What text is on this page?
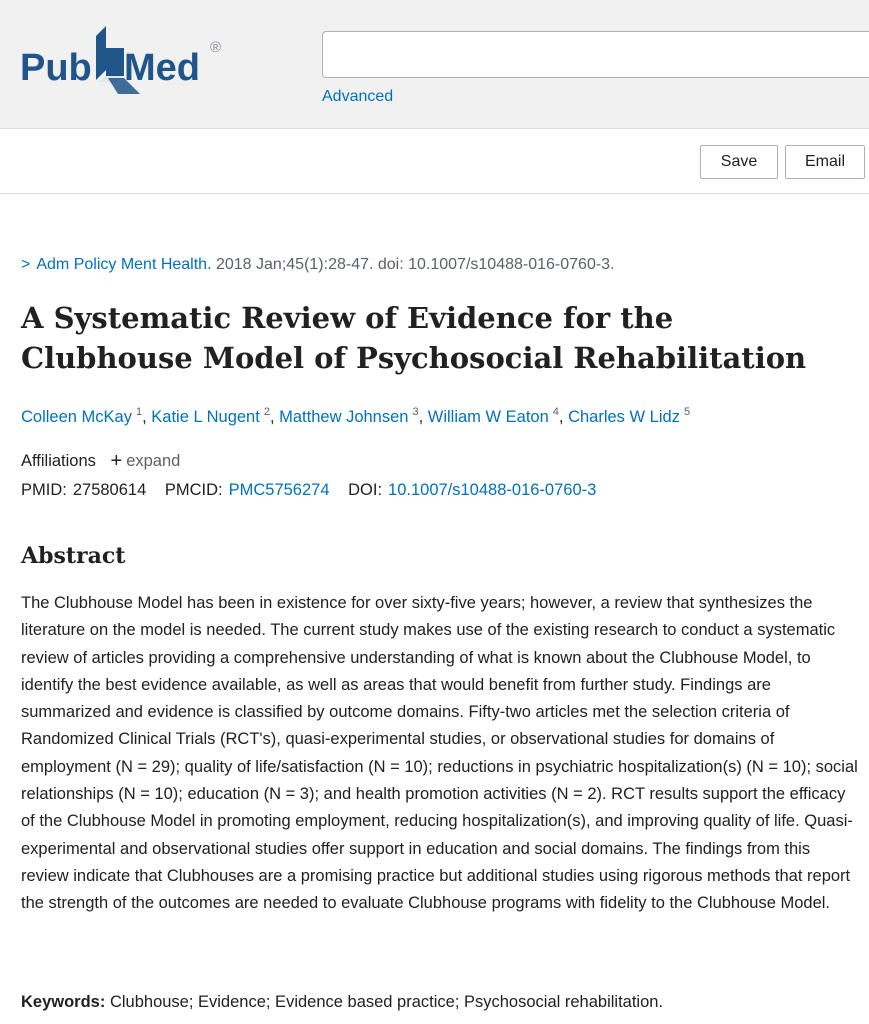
Pub Med ®
Advanced
Save	Email
> Adm Policy Ment Health. 2018 Jan;45(1):28-47. doi: 10.1007/s10488-016-0760-3.
A Systematic Review of Evidence for the Clubhouse Model of Psychosocial Rehabilitation
Colleen McKay $^1$, Katie L Nugent $^2$, Matthew Johnsen $^3$, William W Eaton $^4$, Charles W Lidz $^5$
Affiliations + expand
PMID: 27580614 PMCID: PMC5756274 DOI: 10.1007/s10488-016-0760-3
Abstract

The Clubhouse Model has been in existence for over sixty-five years; however, a review that synthesizes the literature on the model is needed. The current study makes use of the existing research to conduct a systematic review of articles providing a comprehensive understanding of what is known about the Clubhouse Model, to identify the best evidence available, as well as areas that would benefit from further study. Findings are summarized and evidence is classified by outcome domains. Fifty-two articles met the selection criteria of Randomized Clinical Trials (RCT's), quasi-experimental studies, or observational studies for domains of employment (N = 29); quality of life/satisfaction (N = 10); reductions in psychiatric hospitalization(s) (N = 10); social relationships (N = 10); education (N = 3); and health promotion activities (N = 2). RCT results support the efficacy of the Clubhouse Model in promoting employment, reducing hospitalization(s), and improving quality of life. Quasi-experimental and observational studies offer support in education and social domains. The findings from this review indicate that Clubhouses are a promising practice but additional studies using rigorous methods that report the strength of the outcomes are needed to evaluate Clubhouse programs with fidelity to the Clubhouse Model.

Keywords: Clubhouse; Evidence; Evidence based practice; Psychosocial rehabilitation.
